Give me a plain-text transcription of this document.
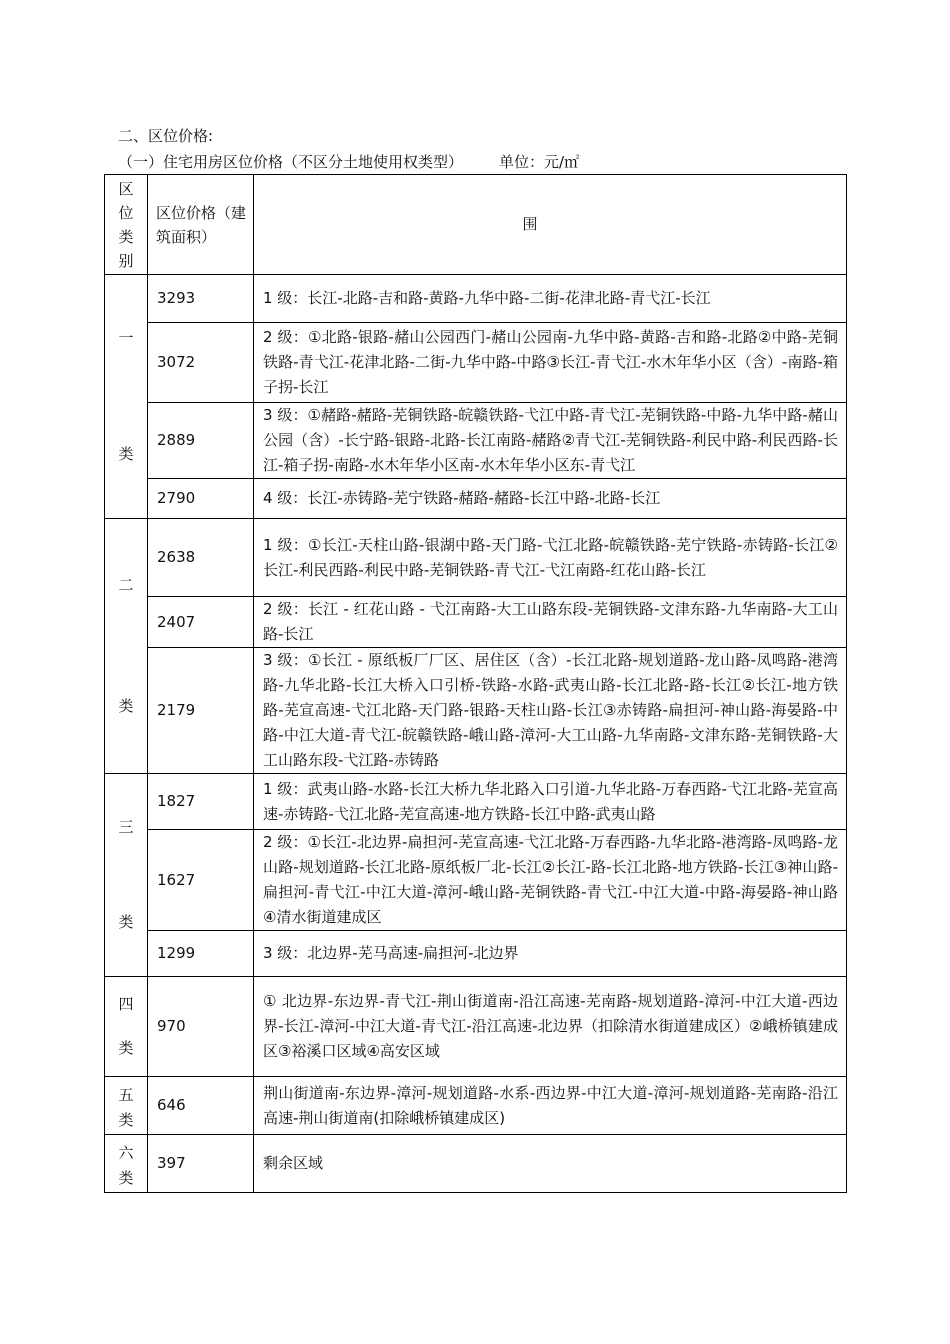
二、区位价格:
（一）住宅用房区位价格（不区分土地使用权类型） 单位：元/㎡
区位类别	区位价格（建筑面积）	围

一
类	3293	1 级：长江-北路-吉和路-黄路-九华中路-二街-花津北路-青弋江-长江
	3072	2 级：①北路-银路-赭山公园西门-赭山公园南-九华中路-黄路-吉和路-北路②中路-芜铜铁路-青弋江-花津北路-二街-九华中路-中路③长江-青弋江-水木年华小区（含）-南路-箱子拐-长江
	2889	3 级：①赭路-赭路-芜铜铁路-皖赣铁路-弋江中路-青弋江-芜铜铁路-中路-九华中路-赭山公园（含）-长宁路-银路-北路-长江南路-赭路②青弋江-芜铜铁路-利民中路-利民西路-长江-箱子拐-南路-水木年华小区南-水木年华小区东-青弋江
	2790	4 级：长江-赤铸路-芜宁铁路-赭路-赭路-长江中路-北路-长江

二
类	2638	1 级：①长江-天柱山路-银湖中路-天门路-弋江北路-皖赣铁路-芜宁铁路-赤铸路-长江②长江-利民西路-利民中路-芜铜铁路-青弋江-弋江南路-红花山路-长江
	2407	2 级：长江 - 红花山路 - 弋江南路-大工山路东段-芜铜铁路-文津东路-九华南路-大工山路-长江
	2179	3 级：①长江 - 原纸板厂厂区、居住区（含）-长江北路-规划道路-龙山路-凤鸣路-港湾路-九华北路-长江大桥入口引桥-铁路-水路-武夷山路-长江北路-路-长江②长江-地方铁路-芜宣高速-弋江北路-天门路-银路-天柱山路-长江③赤铸路-扁担河-神山路-海晏路-中路-中江大道-青弋江-皖赣铁路-峨山路-漳河-大工山路-九华南路-文津东路-芜铜铁路-大工山路东段-弋江路-赤铸路

三
类	1827	1 级：武夷山路-水路-长江大桥九华北路入口引道-九华北路-万春西路-弋江北路-芜宣高速-赤铸路-弋江北路-芜宣高速-地方铁路-长江中路-武夷山路
	1627	2 级：①长江-北边界-扁担河-芜宣高速-弋江北路-万春西路-九华北路-港湾路-凤鸣路-龙山路-规划道路-长江北路-原纸板厂北-长江②长江-路-长江北路-地方铁路-长江③神山路-扁担河-青弋江-中江大道-漳河-峨山路-芜铜铁路-青弋江-中江大道-中路-海晏路-神山路④清水街道建成区
	1299	3 级：北边界-芜马高速-扁担河-北边界

四
类	970	① 北边界-东边界-青弋江-荆山街道南-沿江高速-芜南路-规划道路-漳河-中江大道-西边界-长江-漳河-中江大道-青弋江-沿江高速-北边界（扣除清水街道建成区）②峨桥镇建成区③裕溪口区域④高安区域

五
类	646	荆山街道南-东边界-漳河-规划道路-水系-西边界-中江大道-漳河-规划道路-芜南路-沿江高速-荆山街道南(扣除峨桥镇建成区)

六
类	397	剩余区域
